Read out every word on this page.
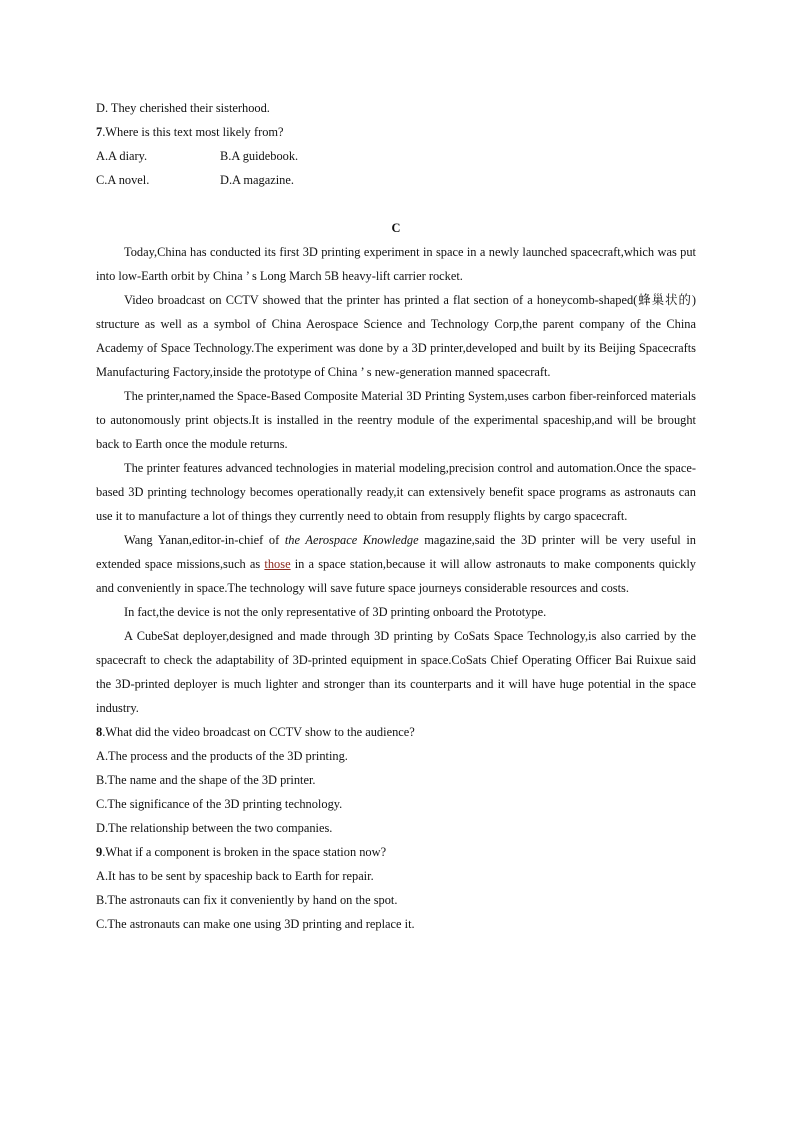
D. They cherished their sisterhood.
7.Where is this text most likely from?
A.A diary.	B.A guidebook.
C.A novel.	D.A magazine.
C
Today,China has conducted its first 3D printing experiment in space in a newly launched spacecraft,which was put into low-Earth orbit by China ’ s Long March 5B heavy-lift carrier rocket.
Video broadcast on CCTV showed that the printer has printed a flat section of a honeycomb-shaped(蜂巢状的) structure as well as a symbol of China Aerospace Science and Technology Corp,the parent company of the China Academy of Space Technology.The experiment was done by a 3D printer,developed and built by its Beijing Spacecrafts Manufacturing Factory,inside the prototype of China ’ s new-generation manned spacecraft.
The printer,named the Space-Based Composite Material 3D Printing System,uses carbon fiber-reinforced materials to autonomously print objects.It is installed in the reentry module of the experimental spaceship,and will be brought back to Earth once the module returns.
The printer features advanced technologies in material modeling,precision control and automation.Once the space-based 3D printing technology becomes operationally ready,it can extensively benefit space programs as astronauts can use it to manufacture a lot of things they currently need to obtain from resupply flights by cargo spacecraft.
Wang Yanan,editor-in-chief of the Aerospace Knowledge magazine,said the 3D printer will be very useful in extended space missions,such as those in a space station,because it will allow astronauts to make components quickly and conveniently in space.The technology will save future space journeys considerable resources and costs.
In fact,the device is not the only representative of 3D printing onboard the Prototype.
A CubeSat deployer,designed and made through 3D printing by CoSats Space Technology,is also carried by the spacecraft to check the adaptability of 3D-printed equipment in space.CoSats Chief Operating Officer Bai Ruixue said the 3D-printed deployer is much lighter and stronger than its counterparts and it will have huge potential in the space industry.
8.What did the video broadcast on CCTV show to the audience?
A.The process and the products of the 3D printing.
B.The name and the shape of the 3D printer.
C.The significance of the 3D printing technology.
D.The relationship between the two companies.
9.What if a component is broken in the space station now?
A.It has to be sent by spaceship back to Earth for repair.
B.The astronauts can fix it conveniently by hand on the spot.
C.The astronauts can make one using 3D printing and replace it.
